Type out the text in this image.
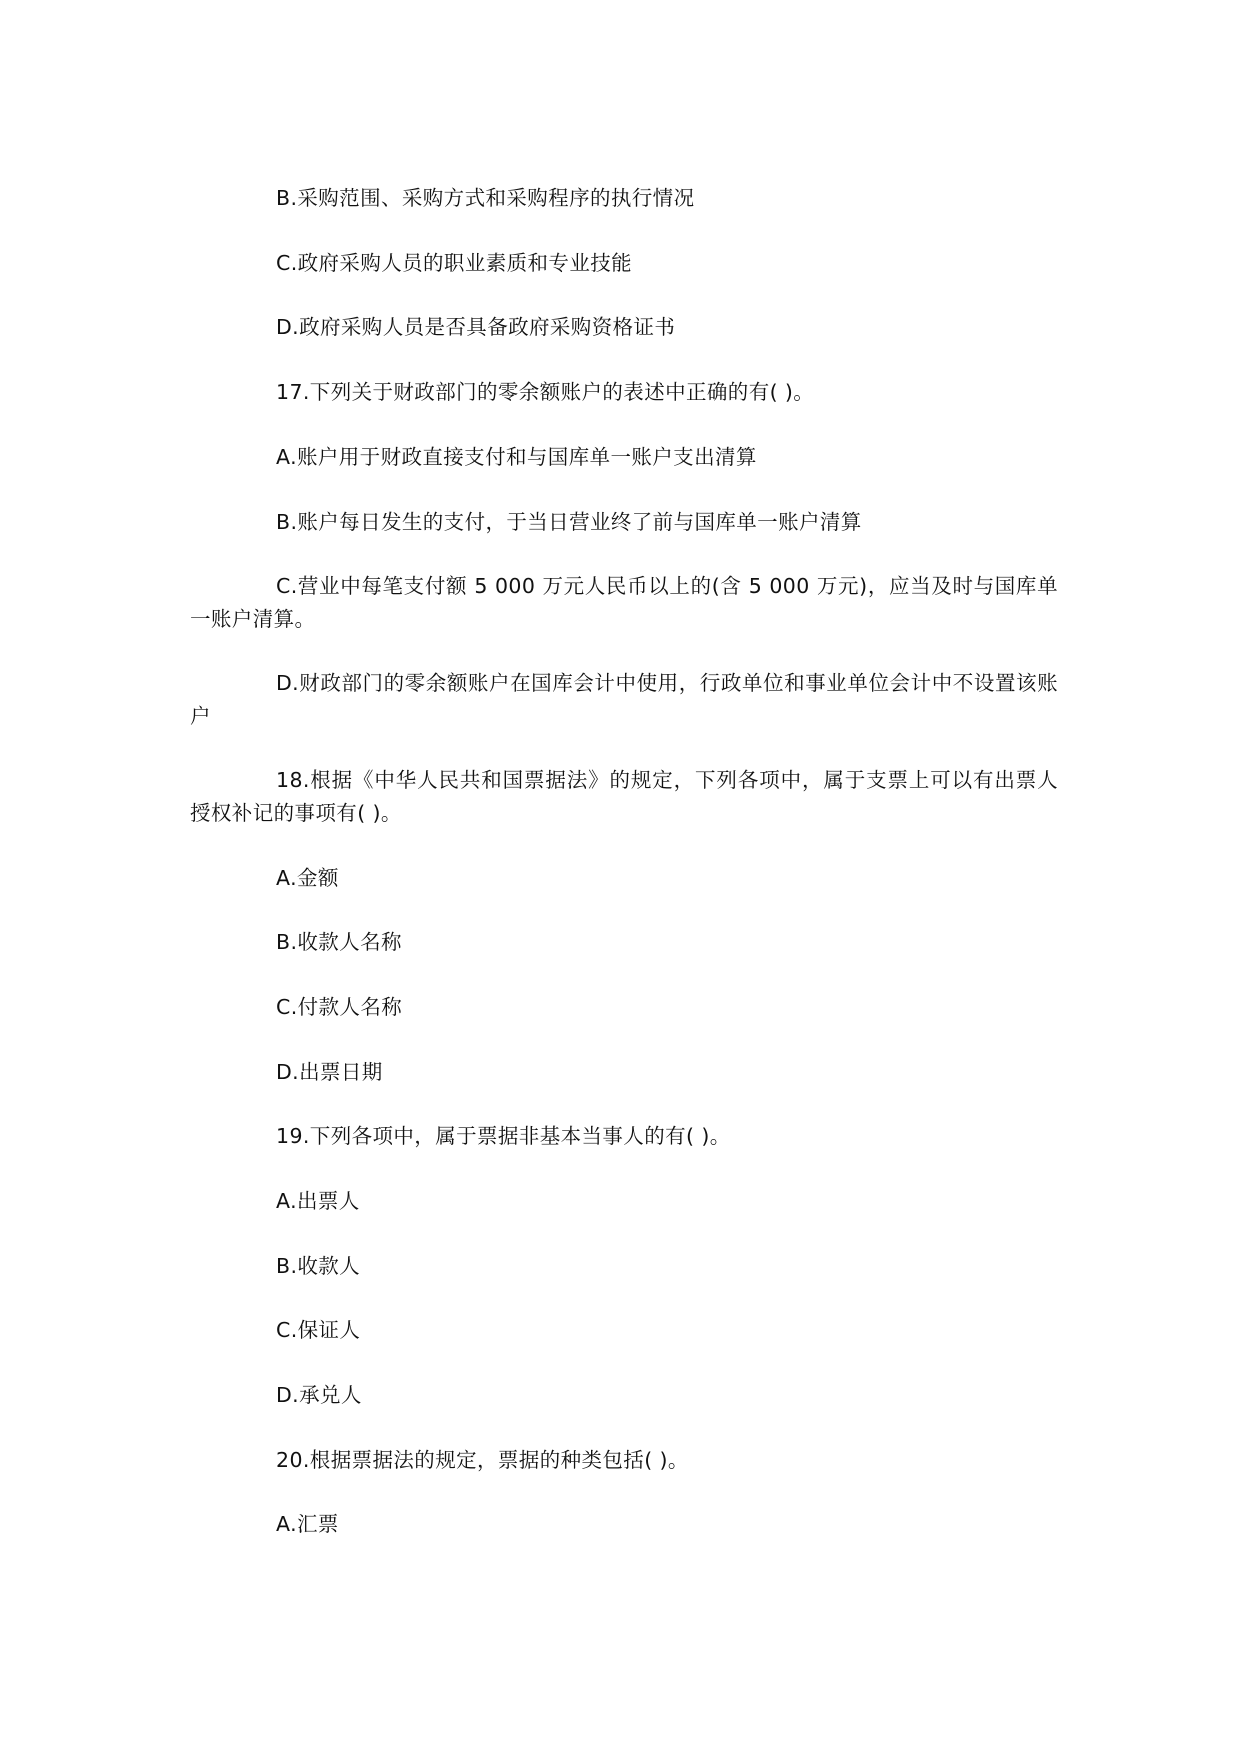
B.采购范围、采购方式和采购程序的执行情况

C.政府采购人员的职业素质和专业技能

D.政府采购人员是否具备政府采购资格证书

17.下列关于财政部门的零余额账户的表述中正确的有( )。

A.账户用于财政直接支付和与国库单一账户支出清算

B.账户每日发生的支付，于当日营业终了前与国库单一账户清算

C.营业中每笔支付额 5 000 万元人民币以上的(含 5 000 万元)，应当及时与国库单一账户清算。

D.财政部门的零余额账户在国库会计中使用，行政单位和事业单位会计中不设置该账户

18.根据《中华人民共和国票据法》的规定，下列各项中，属于支票上可以有出票人授权补记的事项有( )。

A.金额

B.收款人名称

C.付款人名称

D.出票日期

19.下列各项中，属于票据非基本当事人的有( )。

A.出票人

B.收款人

C.保证人

D.承兑人

20.根据票据法的规定，票据的种类包括( )。

A.汇票
